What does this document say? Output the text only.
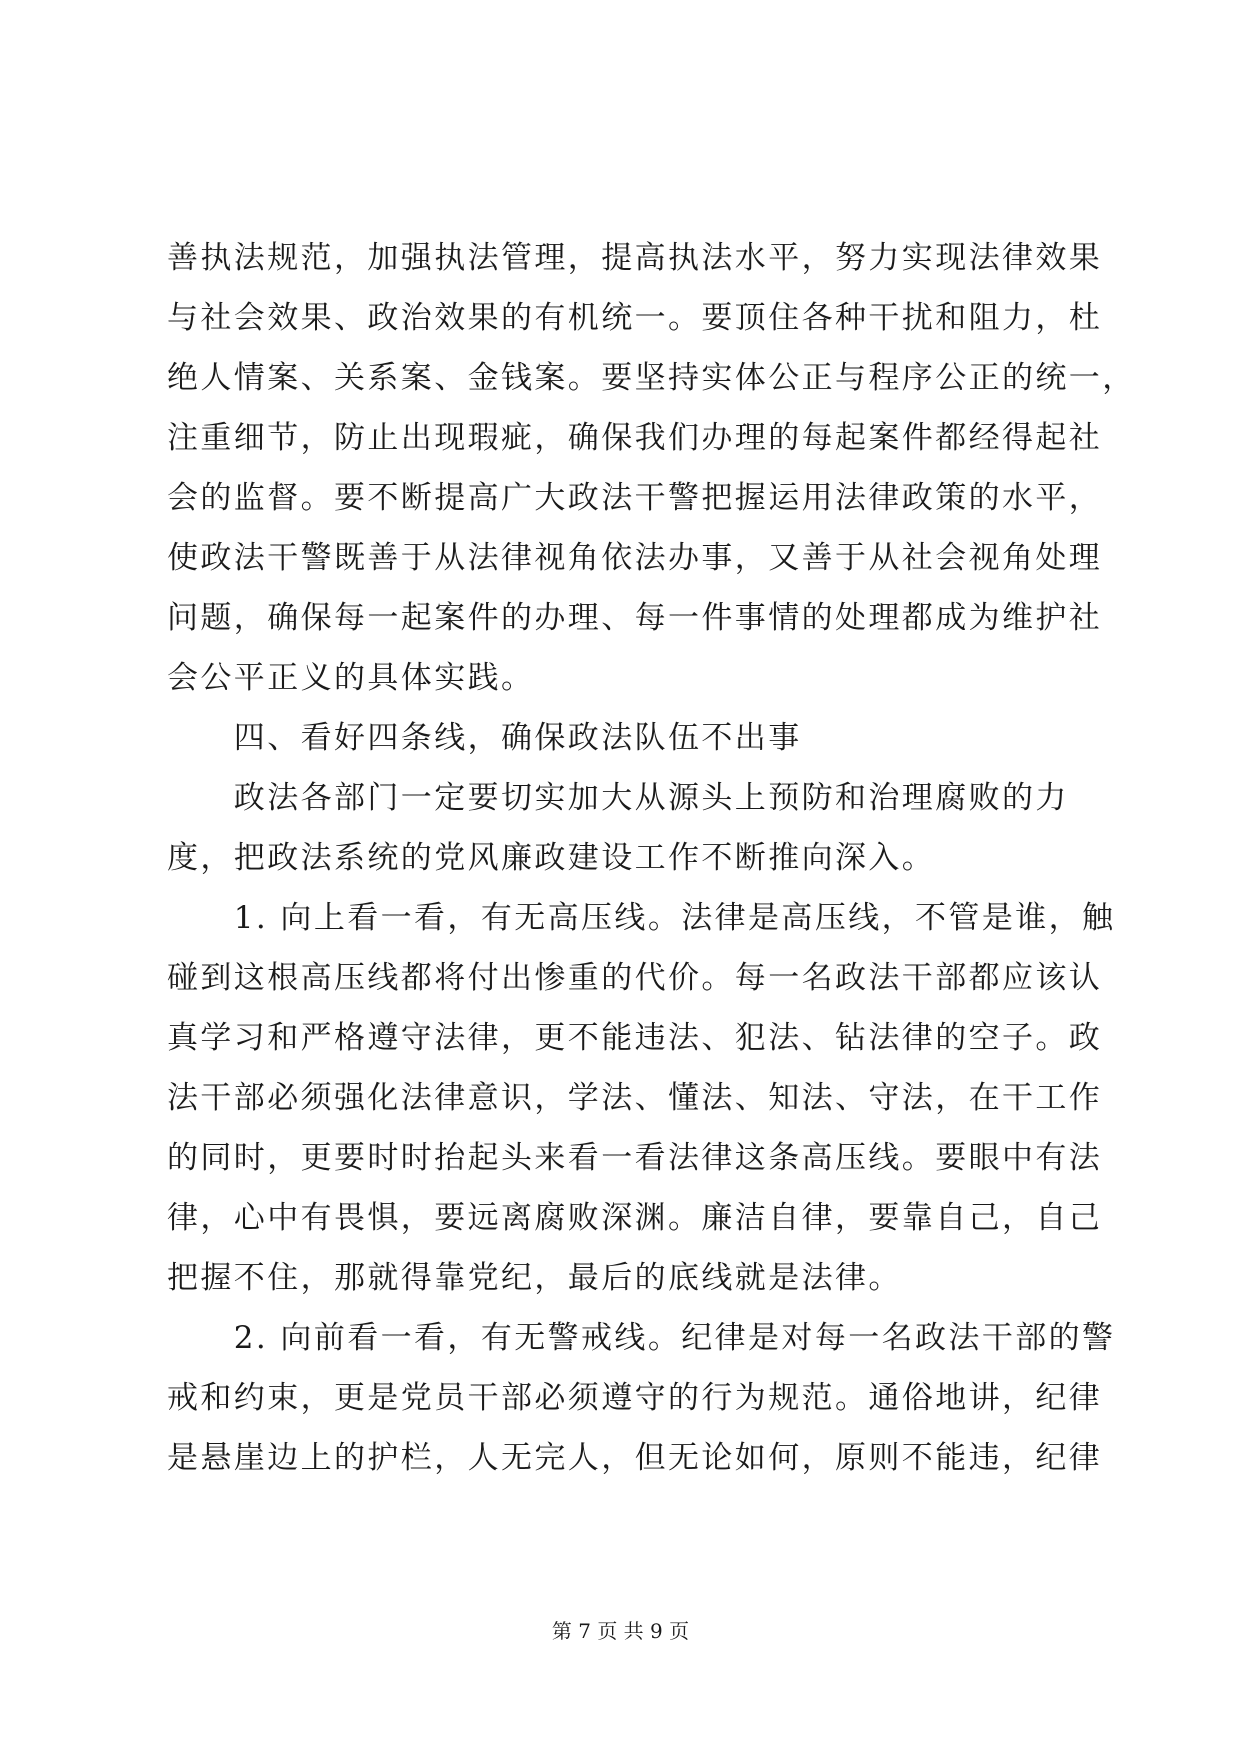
善执法规范，加强执法管理，提高执法水平，努力实现法律效果
与社会效果、政治效果的有机统一。要顶住各种干扰和阻力，杜
绝人情案、关系案、金钱案。要坚持实体公正与程序公正的统一，
注重细节，防止出现瑕疵，确保我们办理的每起案件都经得起社
会的监督。要不断提高广大政法干警把握运用法律政策的水平，
使政法干警既善于从法律视角依法办事，又善于从社会视角处理
问题，确保每一起案件的办理、每一件事情的处理都成为维护社
会公平正义的具体实践。
　　四、看好四条线，确保政法队伍不出事
　　政法各部门一定要切实加大从源头上预防和治理腐败的力
度，把政法系统的党风廉政建设工作不断推向深入。
　　1. 向上看一看，有无高压线。法律是高压线，不管是谁，触
碰到这根高压线都将付出惨重的代价。每一名政法干部都应该认
真学习和严格遵守法律，更不能违法、犯法、钻法律的空子。政
法干部必须强化法律意识，学法、懂法、知法、守法，在干工作
的同时，更要时时抬起头来看一看法律这条高压线。要眼中有法
律，心中有畏惧，要远离腐败深渊。廉洁自律，要靠自己，自己
把握不住，那就得靠党纪，最后的底线就是法律。
　　2. 向前看一看，有无警戒线。纪律是对每一名政法干部的警
戒和约束，更是党员干部必须遵守的行为规范。通俗地讲，纪律
是悬崖边上的护栏，人无完人，但无论如何，原则不能违，纪律
第 7 页 共 9 页
